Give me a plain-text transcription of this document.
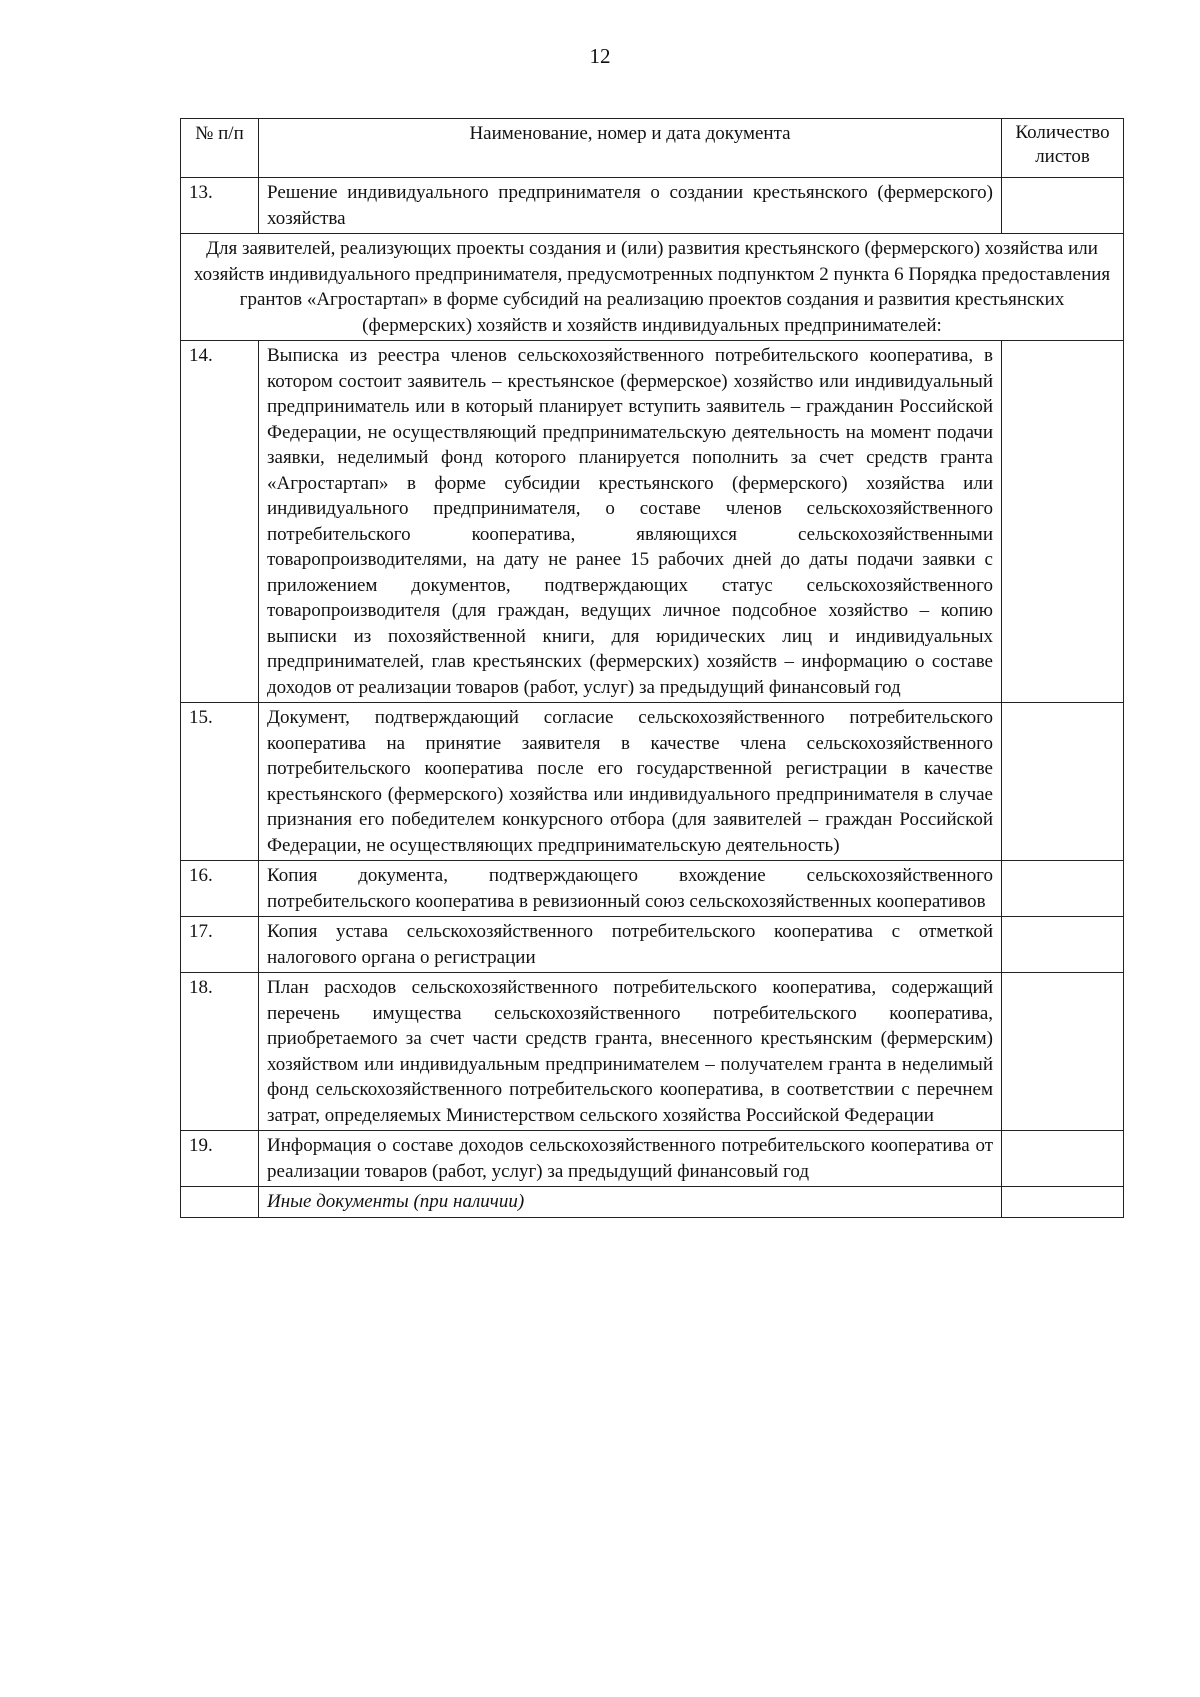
12
№ п/п	Наименование, номер и дата документа	Количество листов
13.	Решение индивидуального предпринимателя о создании крестьянского (фермерского) хозяйства	
Для заявителей, реализующих проекты создания и (или) развития крестьянского (фермерского) хозяйства или хозяйств индивидуального предпринимателя, предусмотренных подпунктом 2 пункта 6 Порядка предоставления грантов «Агростартап» в форме субсидий на реализацию проектов создания и развития крестьянских (фермерских) хозяйств и хозяйств индивидуальных предпринимателей:		
14.	Выписка из реестра членов сельскохозяйственного потребительского кооператива, в котором состоит заявитель – крестьянское (фермерское) хозяйство или индивидуальный предприниматель или в который планирует вступить заявитель – гражданин Российской Федерации, не осуществляющий предпринимательскую деятельность на момент подачи заявки, неделимый фонд которого планируется пополнить за счет средств гранта «Агростартап» в форме субсидии крестьянского (фермерского) хозяйства или индивидуального предпринимателя, о составе членов сельскохозяйственного потребительского кооператива, являющихся сельскохозяйственными товаропроизводителями, на дату не ранее 15 рабочих дней до даты подачи заявки с приложением документов, подтверждающих статус сельскохозяйственного товаропроизводителя (для граждан, ведущих личное подсобное хозяйство – копию выписки из похозяйственной книги, для юридических лиц и индивидуальных предпринимателей, глав крестьянских (фермерских) хозяйств – информацию о составе доходов от реализации товаров (работ, услуг) за предыдущий финансовый год	
15.	Документ, подтверждающий согласие сельскохозяйственного потребительского кооператива на принятие заявителя в качестве члена сельскохозяйственного потребительского кооператива после его государственной регистрации в качестве крестьянского (фермерского) хозяйства или индивидуального предпринимателя в случае признания его победителем конкурсного отбора (для заявителей – граждан Российской Федерации, не осуществляющих предпринимательскую деятельность)	
16.	Копия документа, подтверждающего вхождение сельскохозяйственного потребительского кооператива в ревизионный союз сельскохозяйственных кооперативов	
17.	Копия устава сельскохозяйственного потребительского кооператива с отметкой налогового органа о регистрации	
18.	План расходов сельскохозяйственного потребительского кооператива, содержащий перечень имущества сельскохозяйственного потребительского кооператива, приобретаемого за счет части средств гранта, внесенного крестьянским (фермерским) хозяйством или индивидуальным предпринимателем – получателем гранта в неделимый фонд сельскохозяйственного потребительского кооператива, в соответствии с перечнем затрат, определяемых Министерством сельского хозяйства Российской Федерации	
19.	Информация о составе доходов сельскохозяйственного потребительского кооператива от реализации товаров (работ, услуг) за предыдущий финансовый год	
	Иные документы (при наличии)	
